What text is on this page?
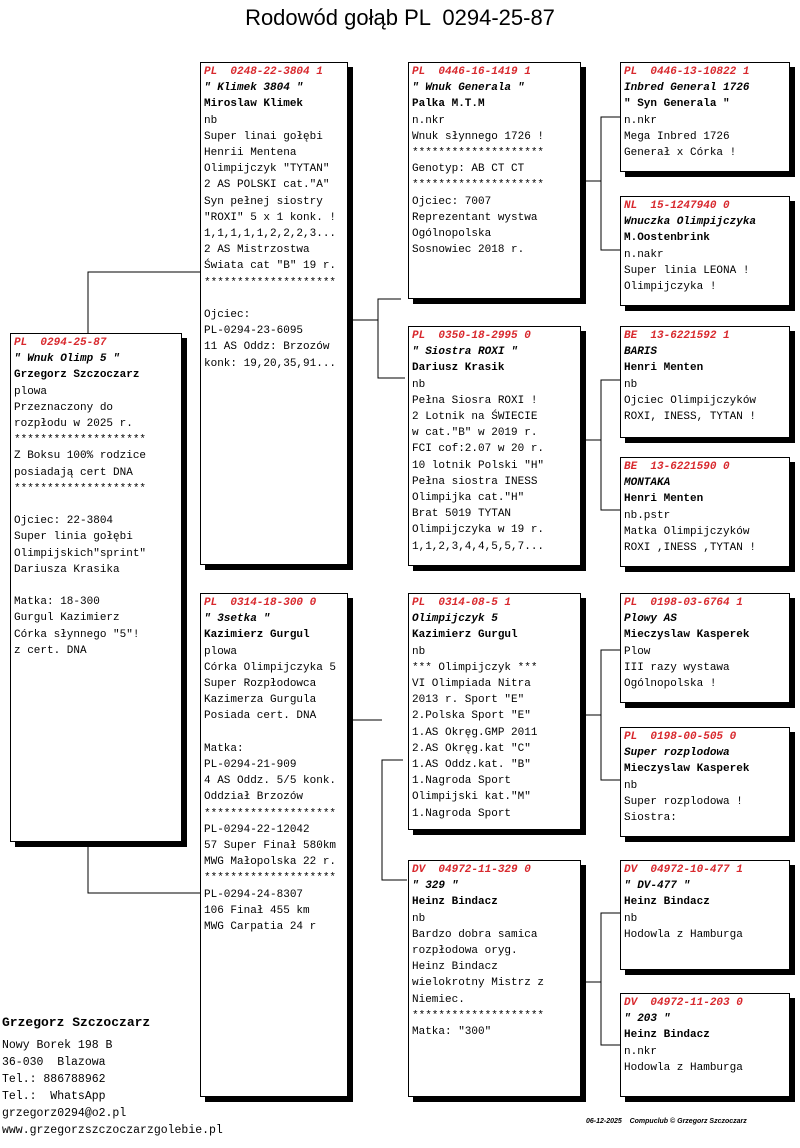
Rodowód gołąb PL  0294-25-87
PL  0294-25-87
" Wnuk Olimp 5 "
Grzegorz Szczoczarz
plowa
Przeznaczony do
rozpłodu w 2025 r.
********************
Z Boksu 100% rodzice
posiadają cert DNA
********************

Ojciec: 22-3804
Super linia gołębi
Olimpijskich"sprint"
Dariusza Krasika

Matka: 18-300
Gurgul Kazimierz
Córka słynnego "5"!
z cert. DNA
PL  0248-22-3804 1
" Klimek 3804 "
Miroslaw Klimek
nb
Super linai gołębi
Henrii Mentena
Olimpijczyk "TYTAN"
2 AS POLSKI cat."A"
Syn pełnej siostry
"ROXI" 5 x 1 konk. !
1,1,1,1,1,2,2,2,3...
2 AS Mistrzostwa
Świata cat "B" 19 r.
********************

Ojciec:
PL-0294-23-6095
11 AS Oddz: Brzozów
konk: 19,20,35,91...
PL  0314-18-300 0
" 3setka "
Kazimierz Gurgul
plowa
Córka Olimpijczyka 5
Super Rozpłodowca
Kazimerza Gurgula
Posiada cert. DNA

Matka:
PL-0294-21-909
4 AS Oddz. 5/5 konk.
Oddział Brzozów
********************
PL-0294-22-12042
57 Super Finał 580km
MWG Małopolska 22 r.
********************
PL-0294-24-8307
106 Finał 455 km
MWG Carpatia 24 r
PL  0446-16-1419 1
" Wnuk Generala "
Palka M.T.M
n.nkr
Wnuk słynnego 1726 !
********************
Genotyp: AB CT CT
********************
Ojciec: 7007
Reprezentant wystwa
Ogólnopolska
Sosnowiec 2018 r.
PL  0350-18-2995 0
" Siostra ROXI "
Dariusz Krasik
nb
Pełna Siosra ROXI !
2 Lotnik na ŚWIECIE
w cat."B" w 2019 r.
FCI cof:2.07 w 20 r.
10 lotnik Polski "H"
Pełna siostra INESS
Olimpijka cat."H"
Brat 5019 TYTAN
Olimpijczyka w 19 r.
1,1,2,3,4,4,5,5,7...
PL  0314-08-5 1
Olimpijczyk 5
Kazimierz Gurgul
nb
*** Olimpijczyk ***
VI Olimpiada Nitra
2013 r. Sport "E"
2.Polska Sport "E"
1.AS Okręg.GMP 2011
2.AS Okręg.kat "C"
1.AS Oddz.kat. "B"
1.Nagroda Sport
Olimpijski kat."M"
1.Nagroda Sport
DV  04972-11-329 0
" 329 "
Heinz Bindacz
nb
Bardzo dobra samica
rozpłodowa oryg.
Heinz Bindacz
wielokrotny Mistrz z
Niemiec.
********************
Matka: "300"
PL  0446-13-10822 1
Inbred General 1726
" Syn Generala "
n.nkr
Mega Inbred 1726
Generał x Córka !
NL  15-1247940 0
Wnuczka Olimpijczyka
M.Oostenbrink
n.nakr
Super linia LEONA !
Olimpijczyka !
BE  13-6221592 1
BARIS
Henri Menten
nb
Ojciec Olimpijczyków
ROXI, INESS, TYTAN !
BE  13-6221590 0
MONTAKA
Henri Menten
nb.pstr
Matka Olimpijczyków
ROXI ,INESS ,TYTAN !
PL  0198-03-6764 1
Plowy AS
Mieczyslaw Kasperek
Plow
III razy wystawa
Ogólnopolska !
PL  0198-00-505 0
Super rozplodowa
Mieczyslaw Kasperek
nb
Super rozplodowa !
Siostra:
DV  04972-10-477 1
" DV-477 "
Heinz Bindacz
nb
Hodowla z Hamburga
DV  04972-11-203 0
" 203 "
Heinz Bindacz
n.nkr
Hodowla z Hamburga
Grzegorz Szczoczarz
Nowy Borek 198 B
36-030  Blazowa
Tel.: 886788962
Tel.:  WhatsApp
grzegorz0294@o2.pl
www.grzegorzszczoczarzgolebie.pl
06-12-2025    Compuclub © Grzegorz Szczoczarz
